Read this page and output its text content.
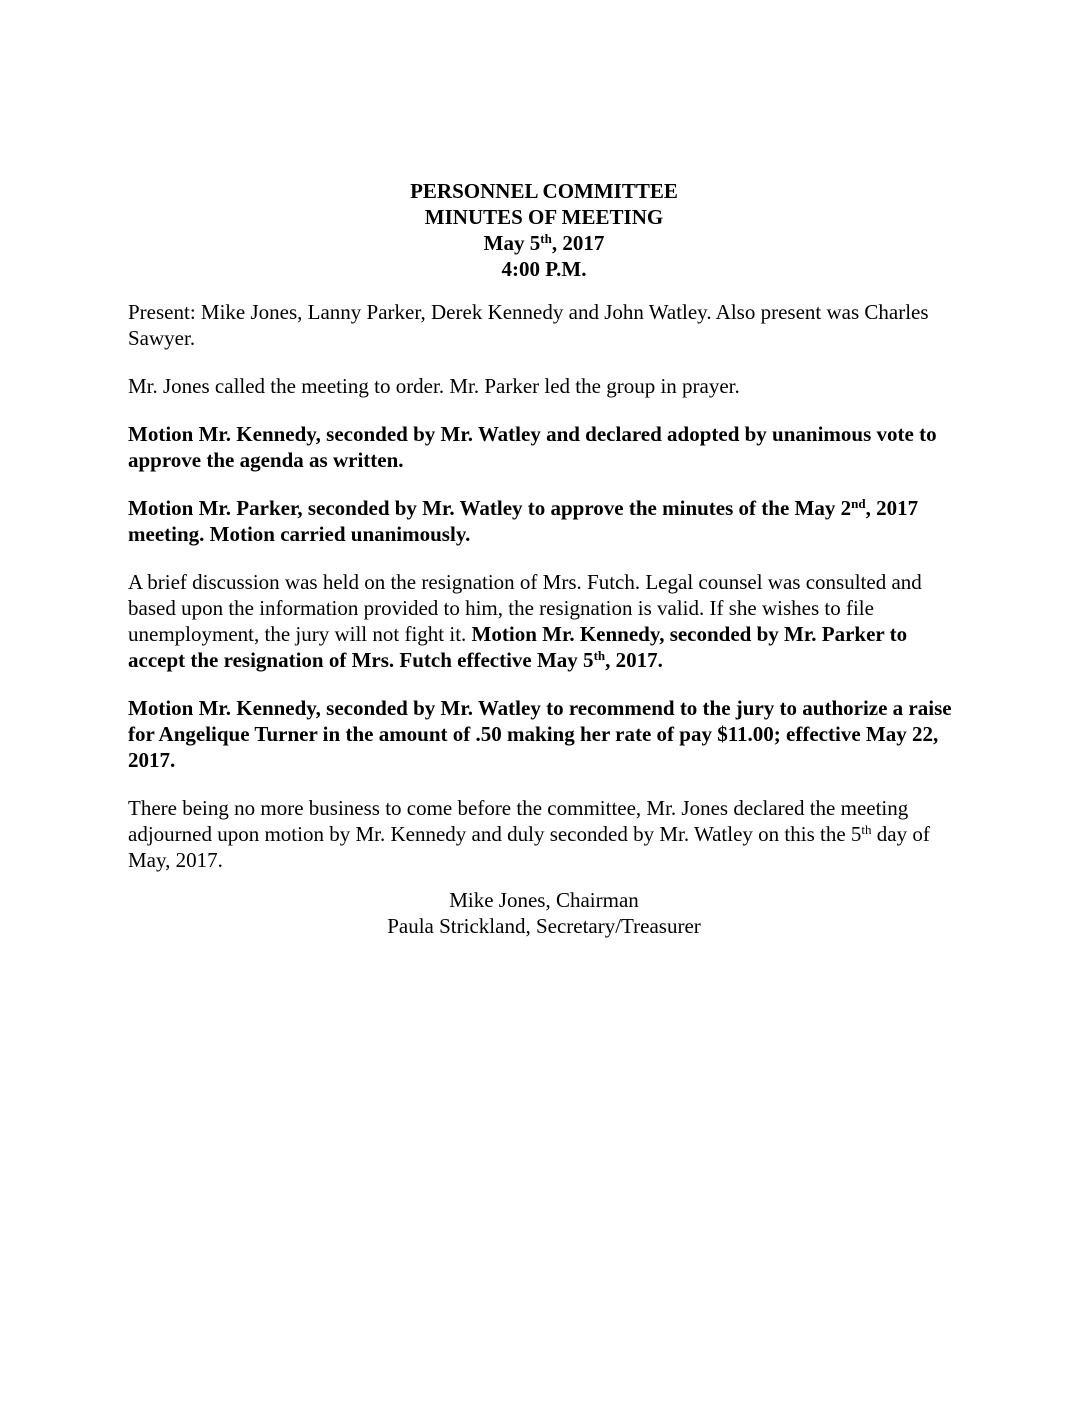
PERSONNEL COMMITTEE
MINUTES OF MEETING
May 5th, 2017
4:00 P.M.

Present: Mike Jones, Lanny Parker, Derek Kennedy and John Watley. Also present was Charles Sawyer.

Mr. Jones called the meeting to order. Mr. Parker led the group in prayer.

Motion Mr. Kennedy, seconded by Mr. Watley and declared adopted by unanimous vote to approve the agenda as written.

Motion Mr. Parker, seconded by Mr. Watley to approve the minutes of the May 2nd, 2017 meeting. Motion carried unanimously.

A brief discussion was held on the resignation of Mrs. Futch. Legal counsel was consulted and based upon the information provided to him, the resignation is valid. If she wishes to file unemployment, the jury will not fight it. Motion Mr. Kennedy, seconded by Mr. Parker to accept the resignation of Mrs. Futch effective May 5th, 2017.

Motion Mr. Kennedy, seconded by Mr. Watley to recommend to the jury to authorize a raise for Angelique Turner in the amount of .50 making her rate of pay $11.00; effective May 22, 2017.

There being no more business to come before the committee, Mr. Jones declared the meeting adjourned upon motion by Mr. Kennedy and duly seconded by Mr. Watley on this the 5th day of May, 2017.

Mike Jones, Chairman
Paula Strickland, Secretary/Treasurer
